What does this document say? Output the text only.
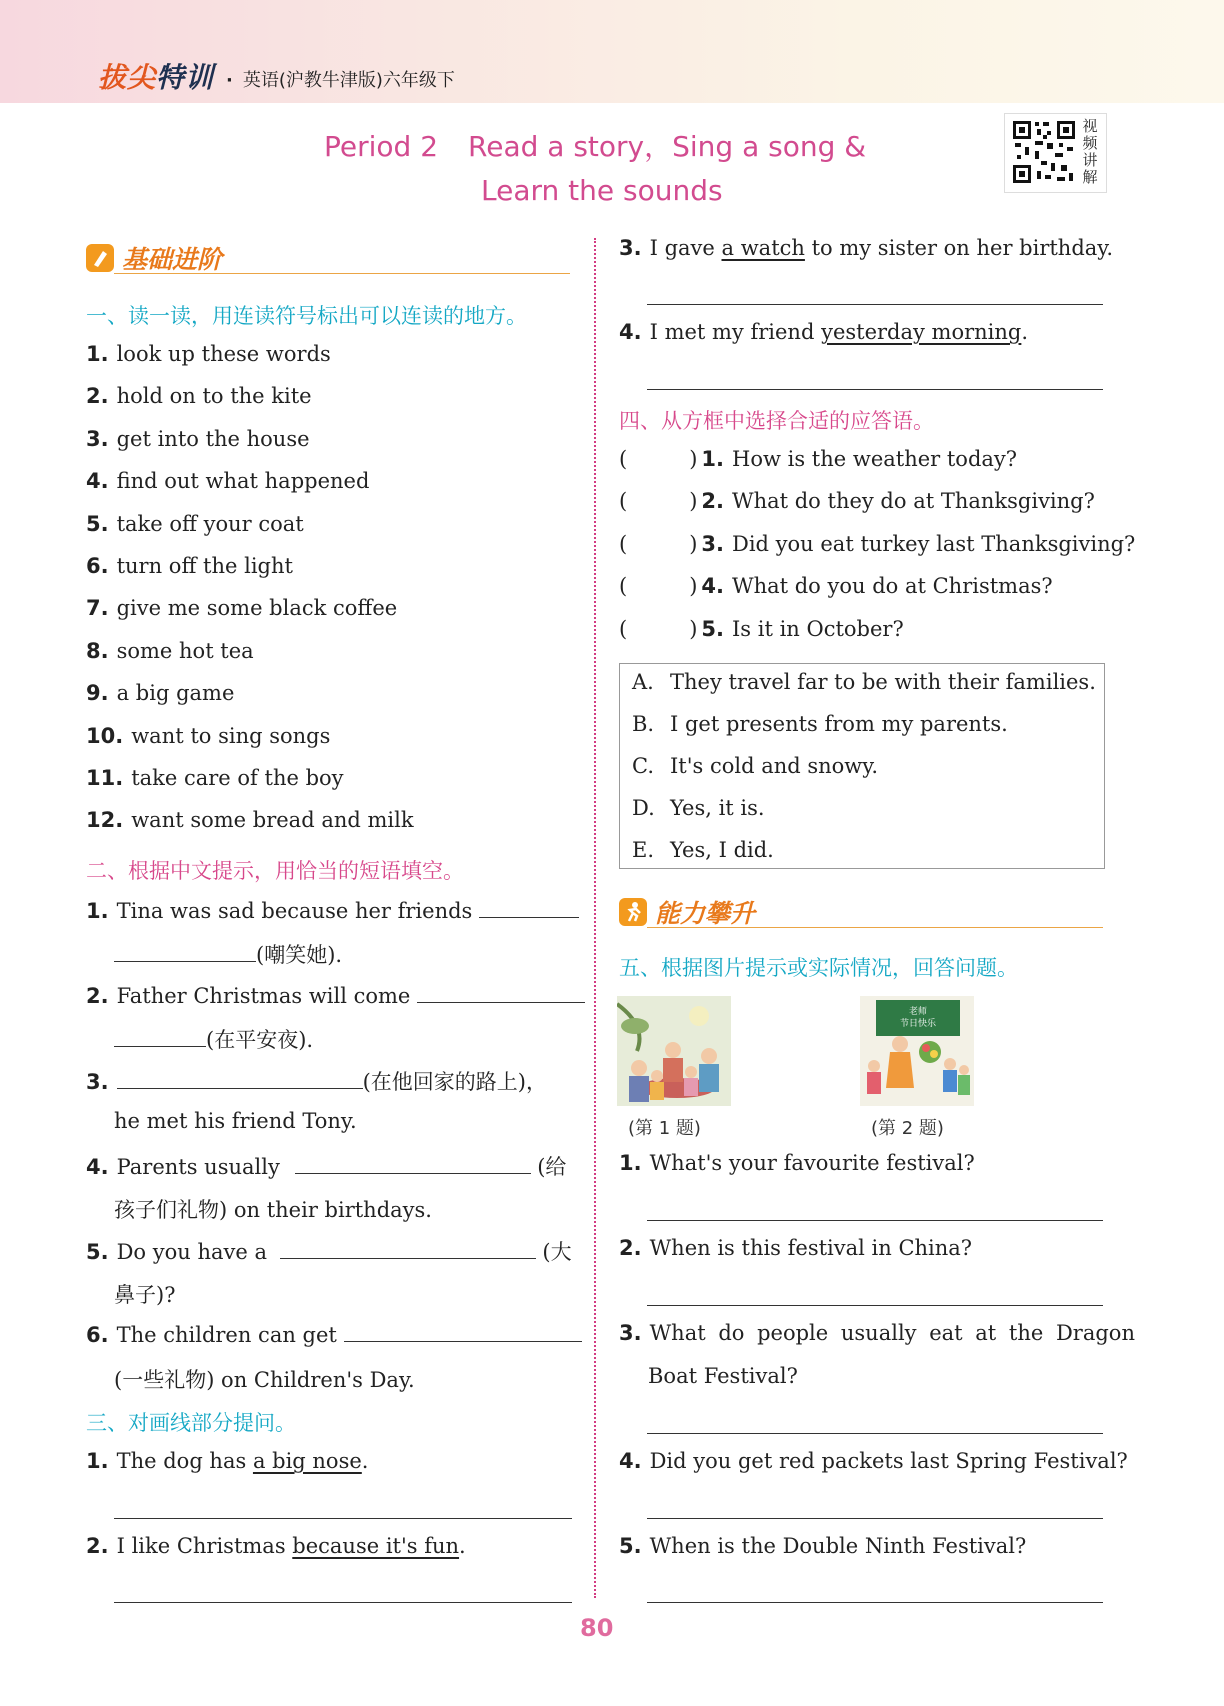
拔尖特训 · 英语(沪教牛津版)六年级下
Period 2 Read a story，Sing a song &
Learn the sounds
视频讲解
基础进阶
一、读一读，用连读符号标出可以连读的地方。
1. look up these words
2. hold on to the kite
3. get into the house
4. find out what happened
5. take off your coat
6. turn off the light
7. give me some black coffee
8. some hot tea
9. a big game
10. want to sing songs
11. take care of the boy
12. want some bread and milk
二、根据中文提示，用恰当的短语填空。
1. Tina was sad because her friends
(嘲笑她).
2. Father Christmas will come
(在平安夜).
3.	(在他回家的路上)，
he met his friend Tony.
4. Parents usually	(给
孩子们礼物) on their birthdays.
5. Do you have a	(大
鼻子)?
6. The children can get
(一些礼物) on Children's Day.
三、对画线部分提问。
1. The dog has a big nose.
2. I like Christmas because it's fun.
3. I gave a watch to my sister on her birthday.
4. I met my friend yesterday morning.
四、从方框中选择合适的应答语。
(	) 1. How is the weather today?
(	) 2. What do they do at Thanksgiving?
(	) 3. Did you eat turkey last Thanksgiving?
(	) 4. What do you do at Christmas?
(	) 5. Is it in October?
A. They travel far to be with their families.
B. I get presents from my parents.
C. It's cold and snowy.
D. Yes, it is.
E. Yes, I did.
能力攀升
五、根据图片提示或实际情况，回答问题。
(第 1 题)
老师
节日快乐
(第 2 题)
1. What's your favourite festival?
2. When is this festival in China?
3. What do people usually eat at the Dragon
Boat Festival?
4. Did you get red packets last Spring Festival?
5. When is the Double Ninth Festival?
80
